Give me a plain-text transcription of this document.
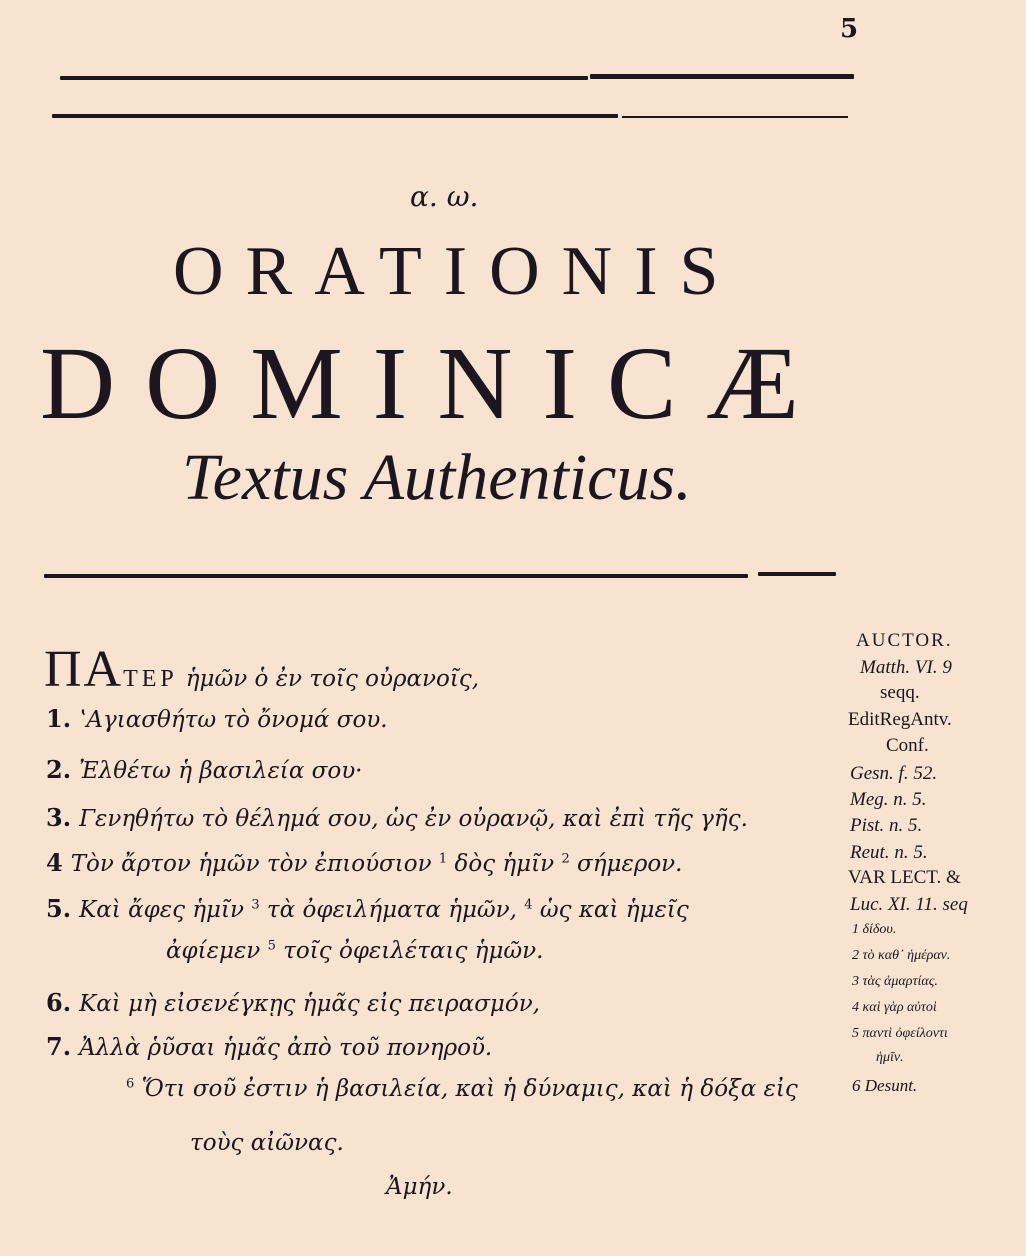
5
α. ω.
ORATIONIS
DOMINICÆ
Textus Authenticus.
ΠΑΤΕΡ ἡμῶν ὁ ἐν τοῖς οὐρανοῖς,
1. ʽΑγιασθήτω τὸ ὄνομά σου.
2. Ἐλθέτω ἡ βασιλεία σου·
3. Γενηθήτω τὸ θέλημά σου, ὡς ἐν οὐρανῷ, καὶ ἐπὶ τῆς γῆς.
4 Τὸν ἄρτον ἡμῶν τὸν ἐπιούσιον $^1$ δὸς ἡμῖν $^2$ σήμερον.
5. Καὶ ἄφες ἡμῖν $^3$ τὰ ὀφειλήματα ἡμῶν, $^4$ ὡς καὶ ἡμεῖς
ἀφίεμεν $^5$ τοῖς ὀφειλέταις ἡμῶν.
6. Καὶ μὴ εἰσενέγκῃς ἡμᾶς εἰς πειρασμόν,
7. Ἀλλὰ ῥῦσαι ἡμᾶς ἀπὸ τοῦ πονηροῦ.
$^6$ Ὅτι σοῦ ἐστιν ἡ βασιλεία, καὶ ἡ δύναμις, καὶ ἡ δόξα εἰς
τοὺς αἰῶνας.
Ἀμήν.
AUCTOR.
Matth. VI. 9
seqq.
EditRegAntv.
Conf.
Gesn. f. 52.
Meg. n. 5.
Pist. n. 5.
Reut. n. 5.
VAR LECT. &
Luc. XI. 11. seq
1 δίδου.
2 τὸ καθ᾽ ἡμέραν.
3 τὰς ἁμαρτίας.
4 καὶ γὰρ αὐτοὶ
5 παντὶ ὀφείλοντι
ἡμῖν.
6 Desunt.
